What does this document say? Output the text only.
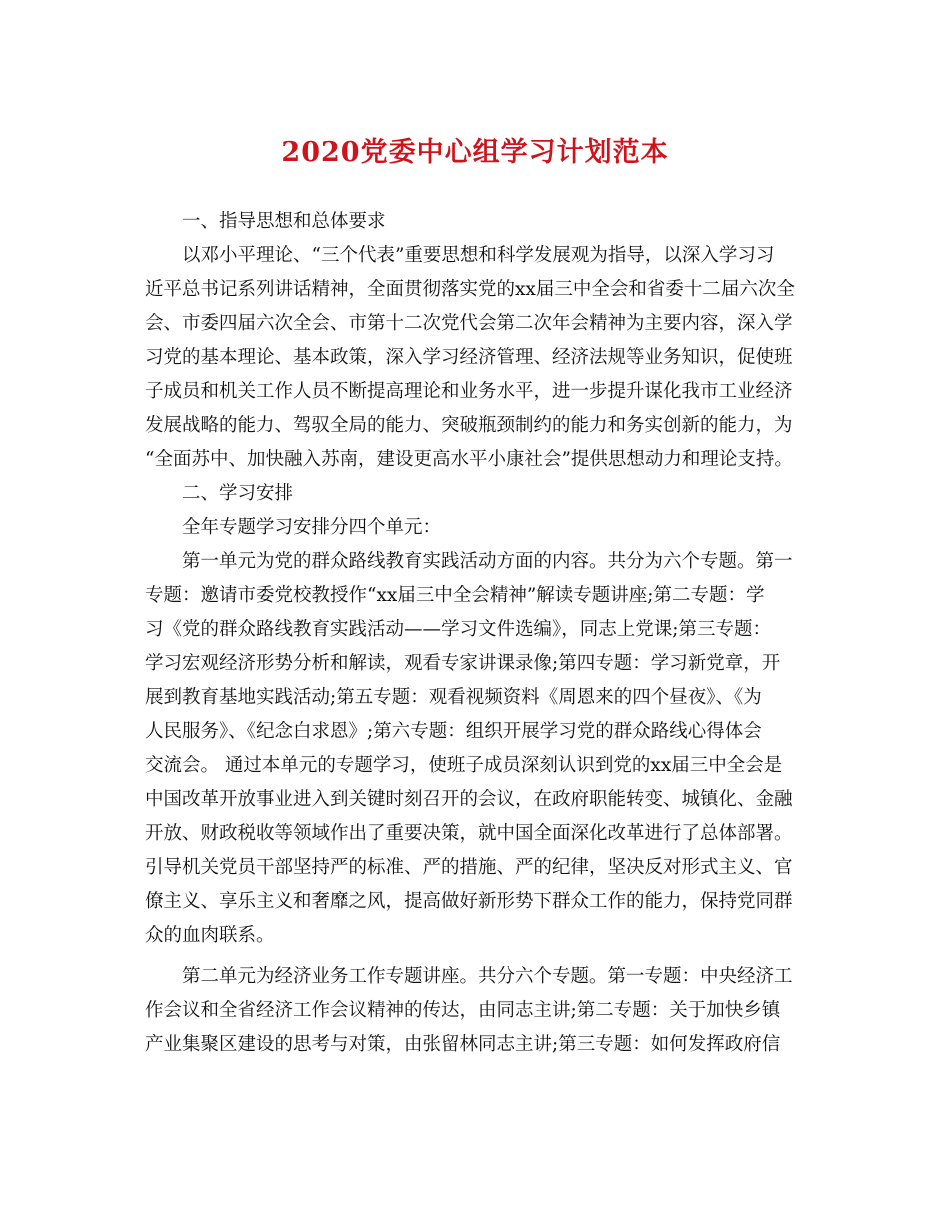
2020党委中心组学习计划范本

一、指导思想和总体要求

以邓小平理论、“三个代表”重要思想和科学发展观为指导，以深入学习习

近平总书记系列讲话精神，全面贯彻落实党的xx届三中全会和省委十二届六次全

会、市委四届六次全会、市第十二次党代会第二次年会精神为主要内容，深入学

习党的基本理论、基本政策，深入学习经济管理、经济法规等业务知识，促使班

子成员和机关工作人员不断提高理论和业务水平，进一步提升谋化我市工业经济

发展战略的能力、驾驭全局的能力、突破瓶颈制约的能力和务实创新的能力，为

“全面苏中、加快融入苏南，建设更高水平小康社会”提供思想动力和理论支持。

二、学习安排

全年专题学习安排分四个单元：

第一单元为党的群众路线教育实践活动方面的内容。共分为六个专题。第一

专题：邀请市委党校教授作“xx届三中全会精神”解读专题讲座;第二专题：学

习《党的群众路线教育实践活动——学习文件选编》，同志上党课;第三专题：

学习宏观经济形势分析和解读，观看专家讲课录像;第四专题：学习新党章，开

展到教育基地实践活动;第五专题：观看视频资料《周恩来的四个昼夜》、《为

人民服务》、《纪念白求恩》;第六专题：组织开展学习党的群众路线心得体会

交流会。 通过本单元的专题学习，使班子成员深刻认识到党的xx届三中全会是

中国改革开放事业进入到关键时刻召开的会议，在政府职能转变、城镇化、金融

开放、财政税收等领域作出了重要决策，就中国全面深化改革进行了总体部署。

引导机关党员干部坚持严的标准、严的措施、严的纪律，坚决反对形式主义、官

僚主义、享乐主义和奢靡之风，提高做好新形势下群众工作的能力，保持党同群

众的血肉联系。

第二单元为经济业务工作专题讲座。共分六个专题。第一专题：中央经济工

作会议和全省经济工作会议精神的传达，由同志主讲;第二专题：关于加快乡镇

产业集聚区建设的思考与对策，由张留林同志主讲;第三专题：如何发挥政府信
